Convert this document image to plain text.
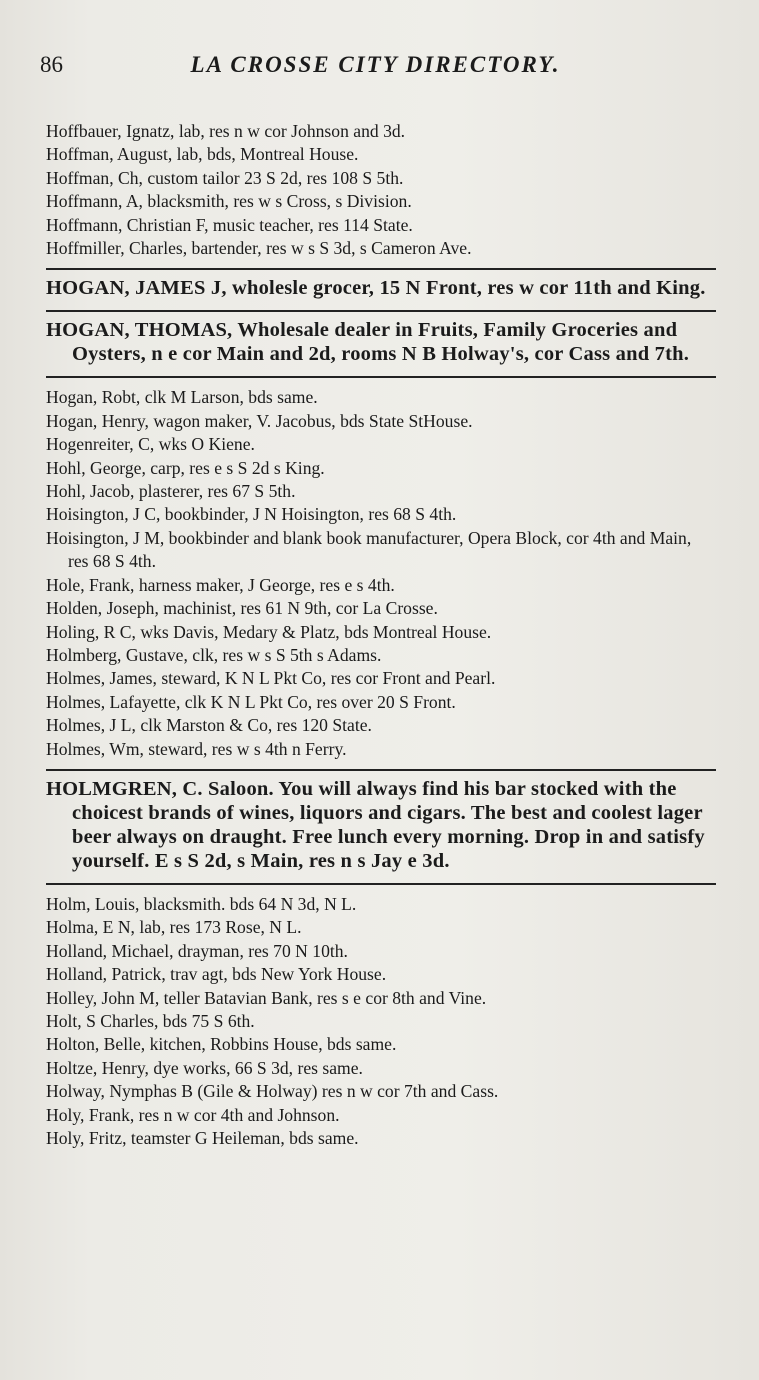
86	LA CROSSE CITY DIRECTORY.
Hoffbauer, Ignatz, lab, res n w cor Johnson and 3d.
Hoffman, August, lab, bds, Montreal House.
Hoffman, Ch, custom tailor 23 S 2d, res 108 S 5th.
Hoffmann, A, blacksmith, res w s Cross, s Division.
Hoffmann, Christian F, music teacher, res 114 State.
Hoffmiller, Charles, bartender, res w s S 3d, s Cameron Ave.
HOGAN, JAMES J, wholesle grocer, 15 N Front, res w cor 11th and King.
HOGAN, THOMAS, Wholesale dealer in Fruits, Family Groceries and Oysters, n e cor Main and 2d, rooms N B Holway's, cor Cass and 7th.
Hogan, Robt, clk M Larson, bds same.
Hogan, Henry, wagon maker, V. Jacobus, bds State StHouse.
Hogenreiter, C, wks O Kiene.
Hohl, George, carp, res e s S 2d s King.
Hohl, Jacob, plasterer, res 67 S 5th.
Hoisington, J C, bookbinder, J N Hoisington, res 68 S 4th.
Hoisington, J M, bookbinder and blank book manufacturer, Opera Block, cor 4th and Main, res 68 S 4th.
Hole, Frank, harness maker, J George, res e s 4th.
Holden, Joseph, machinist, res 61 N 9th, cor La Crosse.
Holing, R C, wks Davis, Medary & Platz, bds Montreal House.
Holmberg, Gustave, clk, res w s S 5th s Adams.
Holmes, James, steward, K N L Pkt Co, res cor Front and Pearl.
Holmes, Lafayette, clk K N L Pkt Co, res over 20 S Front.
Holmes, J L, clk Marston & Co, res 120 State.
Holmes, Wm, steward, res w s 4th n Ferry.
HOLMGREN, C. Saloon. You will always find his bar stocked with the choicest brands of wines, liquors and cigars. The best and coolest lager beer always on draught. Free lunch every morning. Drop in and satisfy yourself. E s S 2d, s Main, res n s Jay e 3d.
Holm, Louis, blacksmith. bds 64 N 3d, N L.
Holma, E N, lab, res 173 Rose, N L.
Holland, Michael, drayman, res 70 N 10th.
Holland, Patrick, trav agt, bds New York House.
Holley, John M, teller Batavian Bank, res s e cor 8th and Vine.
Holt, S Charles, bds 75 S 6th.
Holton, Belle, kitchen, Robbins House, bds same.
Holtze, Henry, dye works, 66 S 3d, res same.
Holway, Nymphas B (Gile & Holway) res n w cor 7th and Cass.
Holy, Frank, res n w cor 4th and Johnson.
Holy, Fritz, teamster G Heileman, bds same.
